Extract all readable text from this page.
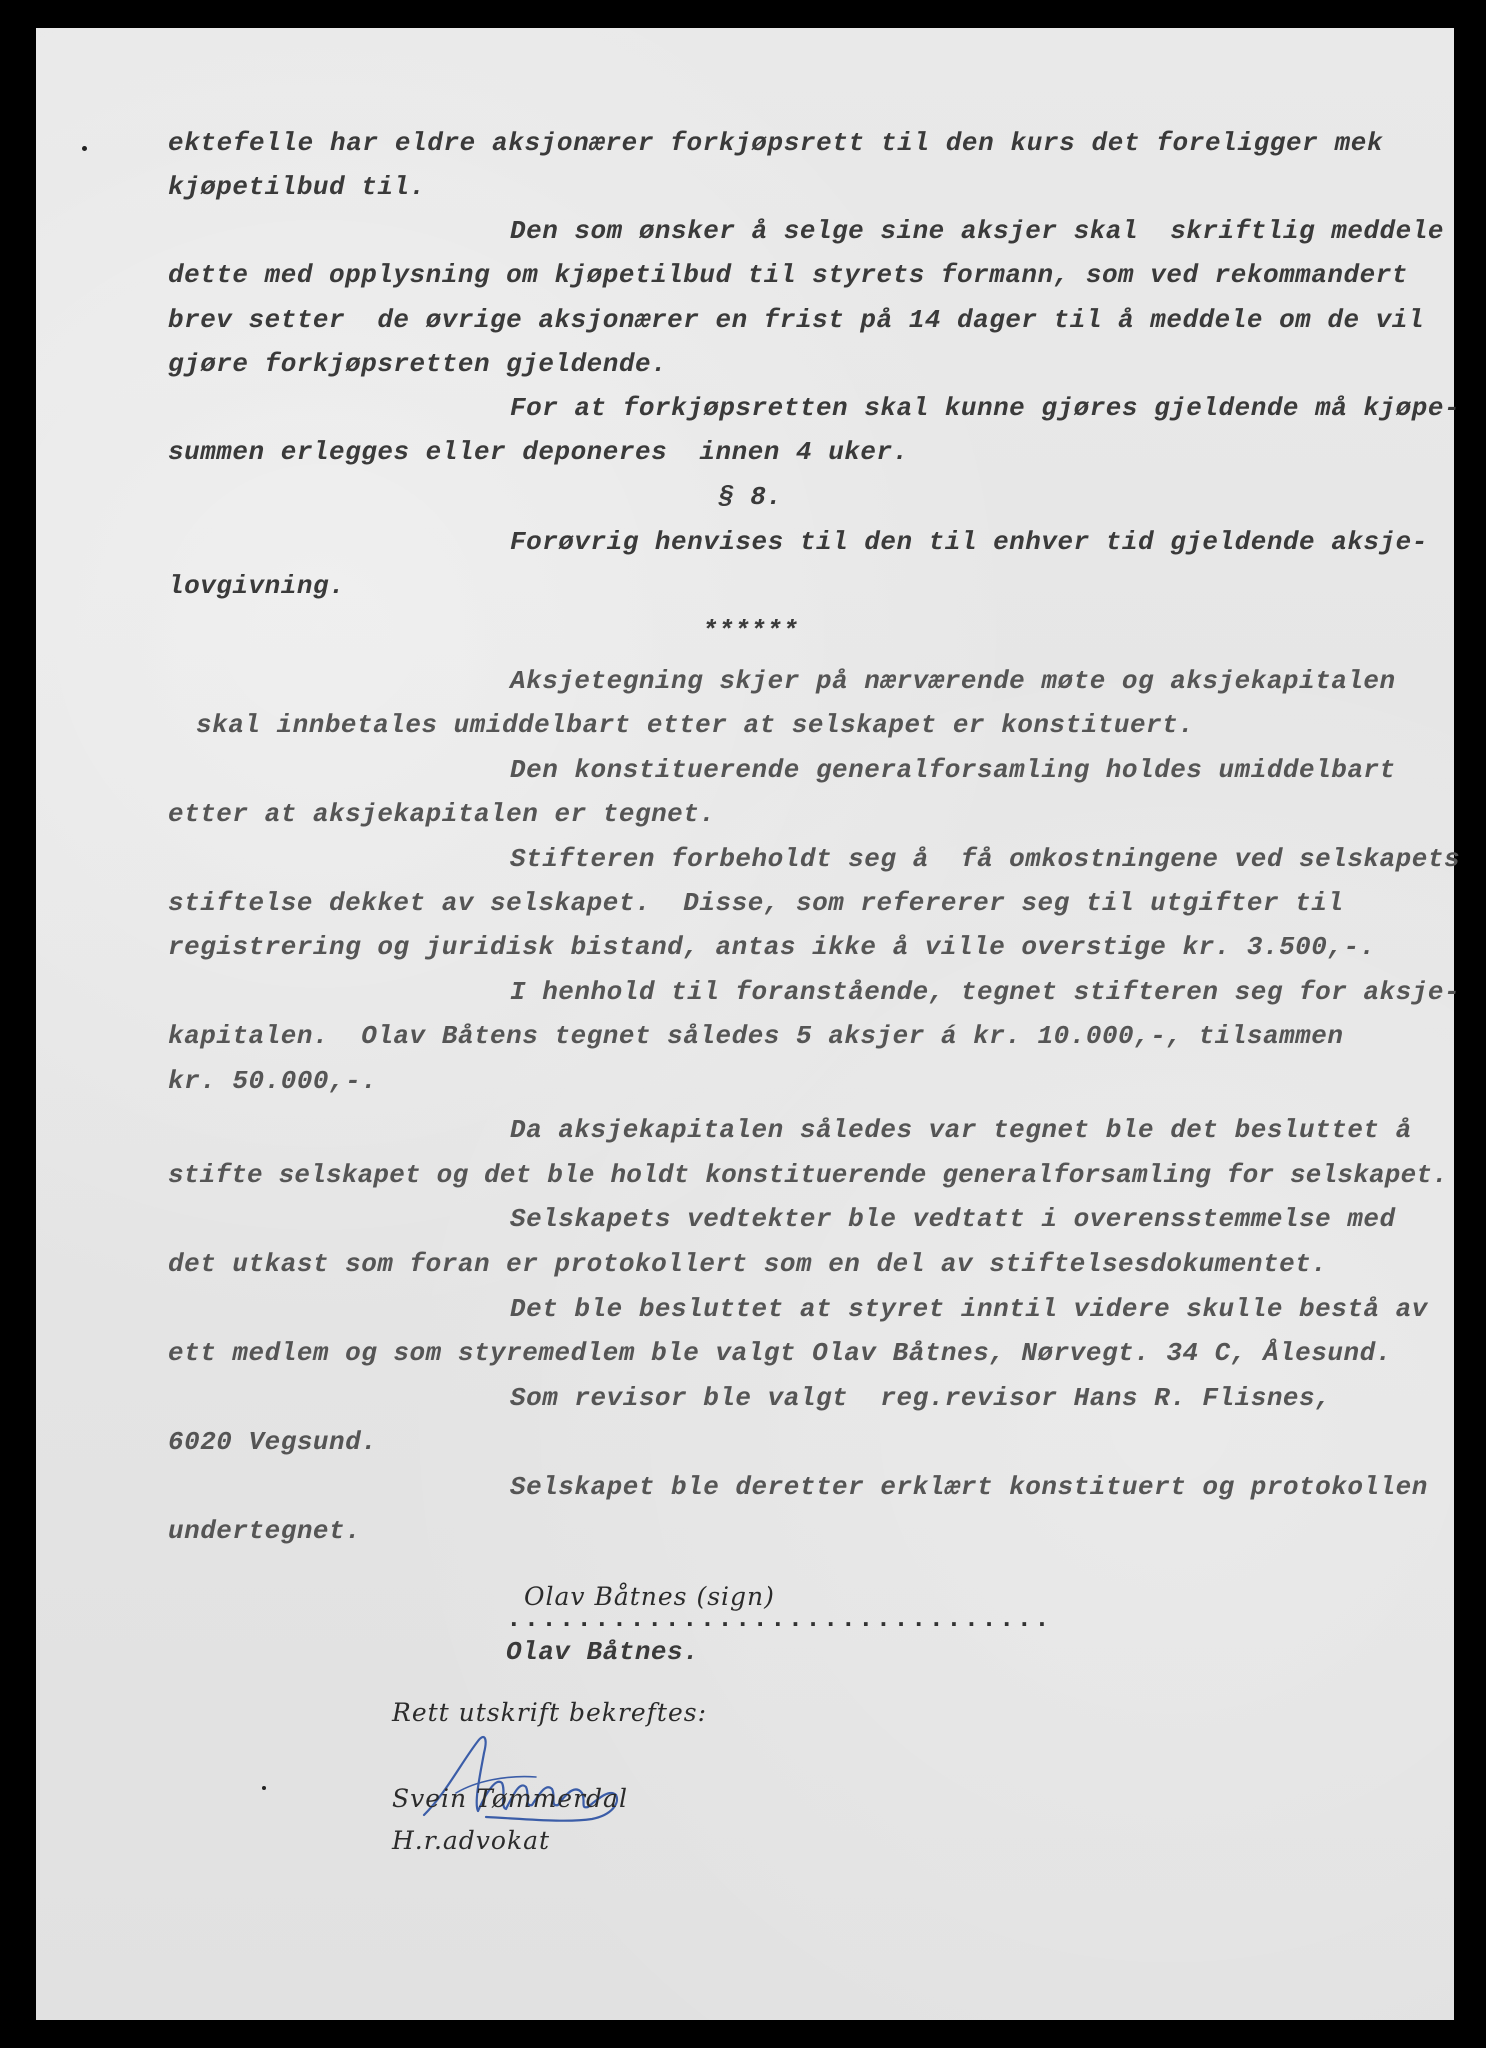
ektefelle har eldre aksjonærer forkjøpsrett til den kurs det foreligger mek
kjøpetilbud til.
Den som ønsker å selge sine aksjer skal  skriftlig meddele
dette med opplysning om kjøpetilbud til styrets formann, som ved rekommandert
brev setter  de øvrige aksjonærer en frist på 14 dager til å meddele om de vil
gjøre forkjøpsretten gjeldende.
For at forkjøpsretten skal kunne gjøres gjeldende må kjøpe-
summen erlegges eller deponeres  innen 4 uker.
§ 8.
Forøvrig henvises til den til enhver tid gjeldende aksje-
lovgivning.
******
Aksjetegning skjer på nærværende møte og aksjekapitalen
skal innbetales umiddelbart etter at selskapet er konstituert.
Den konstituerende generalforsamling holdes umiddelbart
etter at aksjekapitalen er tegnet.
Stifteren forbeholdt seg å  få omkostningene ved selskapets
stiftelse dekket av selskapet.  Disse, som refererer seg til utgifter til
registrering og juridisk bistand, antas ikke å ville overstige kr. 3.500,-.
I henhold til foranstående, tegnet stifteren seg for aksje-
kapitalen.  Olav Båtens tegnet således 5 aksjer á kr. 10.000,-, tilsammen
kr. 50.000,-.
Da aksjekapitalen således var tegnet ble det besluttet å
stifte selskapet og det ble holdt konstituerende generalforsamling for selskapet.
Selskapets vedtekter ble vedtatt i overensstemmelse med
det utkast som foran er protokollert som en del av stiftelsesdokumentet.
Det ble besluttet at styret inntil videre skulle bestå av
ett medlem og som styremedlem ble valgt Olav Båtnes, Nørvegt. 34 C, Ålesund.
Som revisor ble valgt  reg.revisor Hans R. Flisnes,
6020 Vegsund.
Selskapet ble deretter erklært konstituert og protokollen
undertegnet.
Olav Båtnes (sign)
...............................
Olav Båtnes.
Rett utskrift bekreftes:
Svein Tømmerdal
H.r.advokat
